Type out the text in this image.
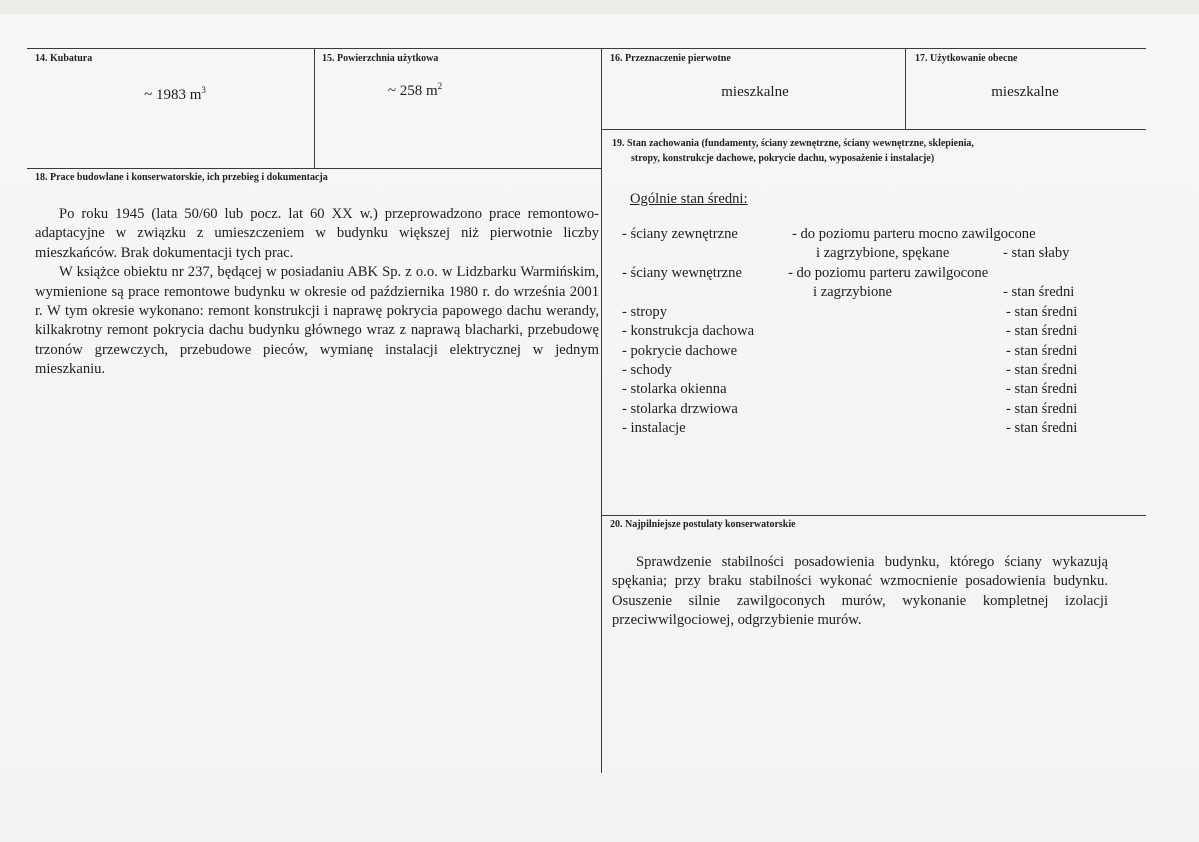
14. Kubatura
~ 1983 $m^3$
15. Powierzchnia użytkowa
~ 258 $m^2$
16. Przeznaczenie pierwotne
mieszkalne
17. Użytkowanie obecne
mieszkalne
18. Prace budowlane i konserwatorskie, ich przebieg i dokumentacja

Po roku 1945 (lata 50/60 lub pocz. lat 60 XX w.) przeprowadzono prace remontowo-adaptacyjne w związku z umieszczeniem w budynku większej niż pierwotnie liczby mieszkańców. Brak dokumentacji tych prac.

W książce obiektu nr 237, będącej w posiadaniu ABK Sp. z o.o. w Lidzbarku Warmińskim, wymienione są prace remontowe budynku w okresie od października 1980 r. do września 2001 r. W tym okresie wykonano: remont konstrukcji i naprawę pokrycia papowego dachu werandy, kilkakrotny remont pokrycia dachu budynku głównego wraz z naprawą blacharki, przebudowę trzonów grzewczych, przebudowe pieców, wymianę instalacji elektrycznej w jednym mieszkaniu.

19. Stan zachowania (fundamenty, ściany zewnętrzne, ściany wewnętrzne, sklepienia,
stropy, konstrukcje dachowe, pokrycie dachu, wyposażenie i instalacje)
Ogólnie stan średni:
- ściany zewnętrzne	- do poziomu parteru mocno zawilgocone
i zagrzybione, spękane	- stan słaby
- ściany wewnętrzne	- do poziomu parteru zawilgocone
i zagrzybione	- stan średni
- stropy	- stan średni
- konstrukcja dachowa	- stan średni
- pokrycie dachowe	- stan średni
- schody	- stan średni
- stolarka okienna	- stan średni
- stolarka drzwiowa	- stan średni
- instalacje	- stan średni
20. Najpilniejsze postulaty konserwatorskie

Sprawdzenie stabilności posadowienia budynku, którego ściany wykazują spękania; przy braku stabilności wykonać wzmocnienie posadowienia budynku. Osuszenie silnie zawilgoconych murów, wykonanie kompletnej izolacji przeciwwilgociowej, odgrzybienie murów.
